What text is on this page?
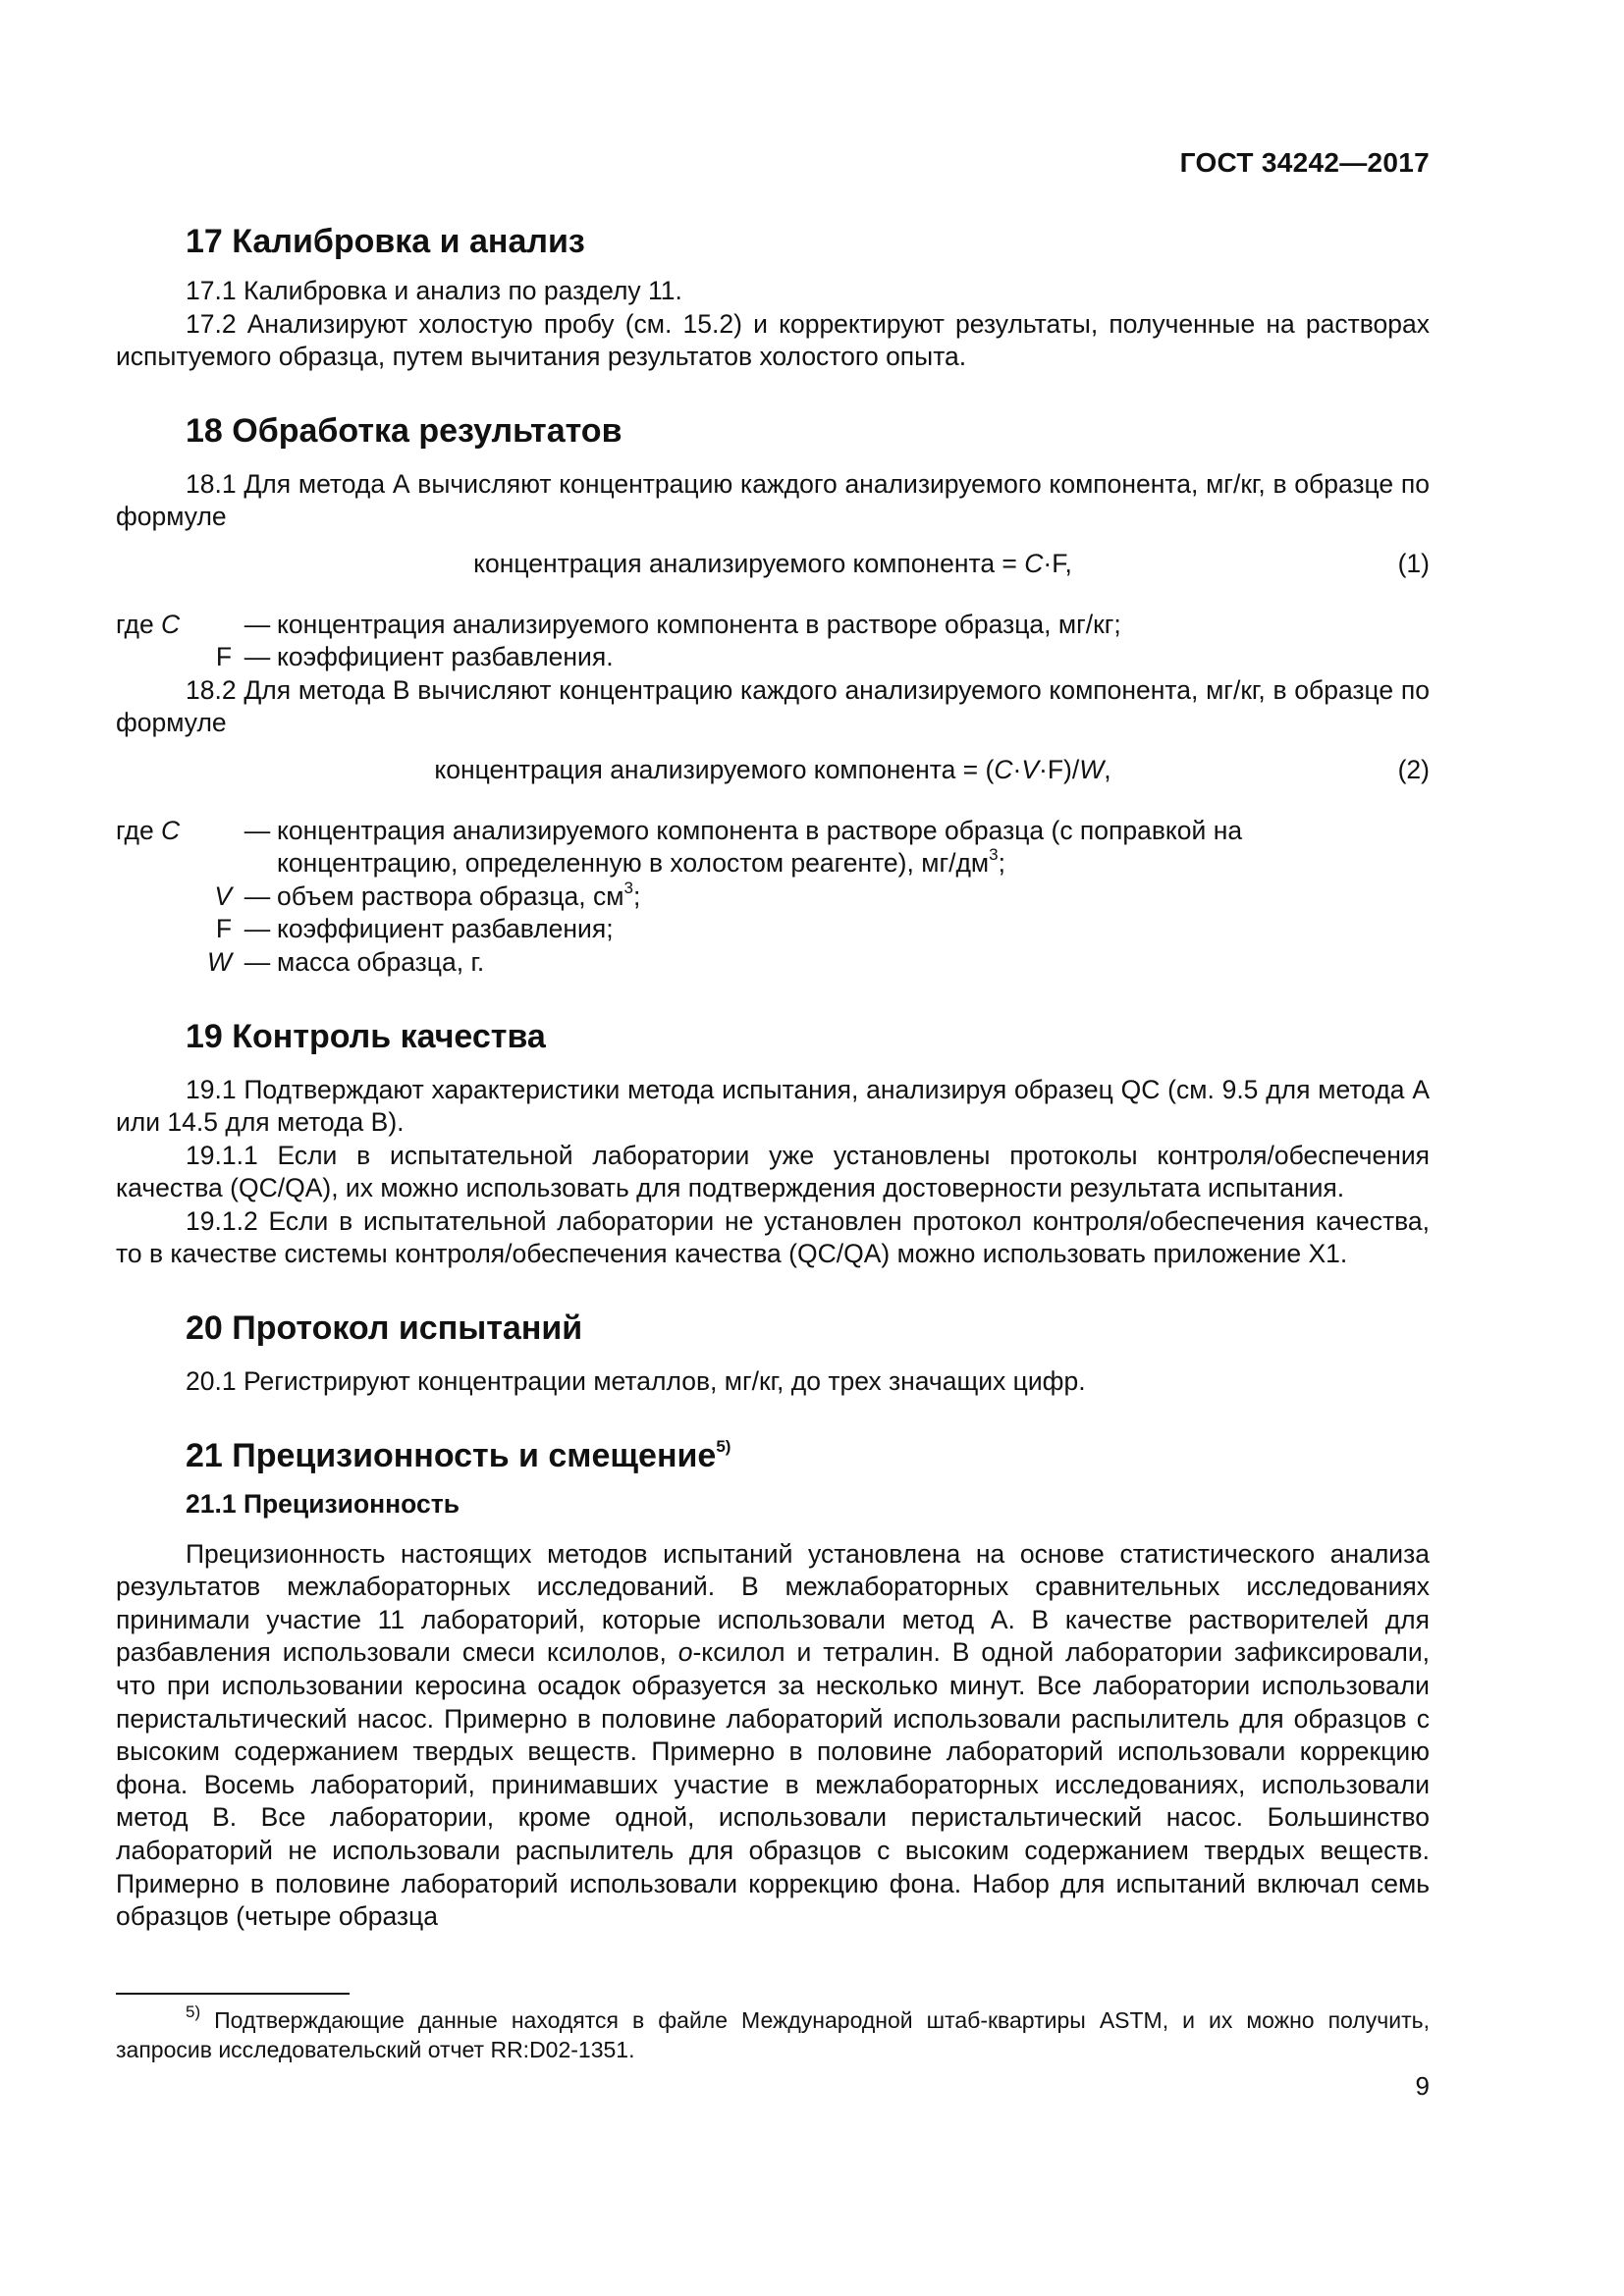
ГОСТ 34242—2017
17 Калибровка и анализ

17.1 Калибровка и анализ по разделу 11.

17.2 Анализируют холостую пробу (см. 15.2) и корректируют результаты, полученные на растворах испытуемого образца, путем вычитания результатов холостого опыта.

18 Обработка результатов

18.1 Для метода А вычисляют концентрацию каждого анализируемого компонента, мг/кг, в образце по формуле

концентрация анализируемого компонента = C·F,	(1)
где C	— концентрация анализируемого компонента в растворе образца, мг/кг;
F — коэффициент разбавления.

18.2 Для метода В вычисляют концентрацию каждого анализируемого компонента, мг/кг, в образце по формуле

концентрация анализируемого компонента = (C·V·F)/W,	(2)
где C	— концентрация анализируемого компонента в растворе образца (с поправкой на концентрацию, определенную в холостом реагенте), $мг/дм^3$;
V — объем раствора образца, $см^3$;
F — коэффициент разбавления;
W — масса образца, г.
19 Контроль качества

19.1 Подтверждают характеристики метода испытания, анализируя образец QC (см. 9.5 для метода А или 14.5 для метода В).

19.1.1 Если в испытательной лаборатории уже установлены протоколы контроля/обеспечения качества (QC/QA), их можно использовать для подтверждения достоверности результата испытания.

19.1.2 Если в испытательной лаборатории не установлен протокол контроля/обеспечения качества, то в качестве системы контроля/обеспечения качества (QC/QA) можно использовать приложение X1.

20 Протокол испытаний

20.1 Регистрируют концентрации металлов, мг/кг, до трех значащих цифр.

21 Прецизионность и смещение$^{5)}$
21.1 Прецизионность

Прецизионность настоящих методов испытаний установлена на основе статистического анализа результатов межлабораторных исследований. В межлабораторных сравнительных исследованиях принимали участие 11 лабораторий, которые использовали метод А. В качестве растворителей для разбавления использовали смеси ксилолов, о-ксилол и тетралин. В одной лаборатории зафиксировали, что при использовании керосина осадок образуется за несколько минут. Все лаборатории использовали перистальтический насос. Примерно в половине лабораторий использовали распылитель для образцов с высоким содержанием твердых веществ. Примерно в половине лабораторий использовали коррекцию фона. Восемь лабораторий, принимавших участие в межлабораторных исследованиях, использовали метод В. Все лаборатории, кроме одной, использовали перистальтический насос. Большинство лабораторий не использовали распылитель для образцов с высоким содержанием твердых веществ. Примерно в половине лабораторий использовали коррекцию фона. Набор для испытаний включал семь образцов (четыре образца

$^{5)}$ Подтверждающие данные находятся в файле Международной штаб-квартиры ASTM, и их можно получить, запросив исследовательский отчет RR:D02-1351.

9
